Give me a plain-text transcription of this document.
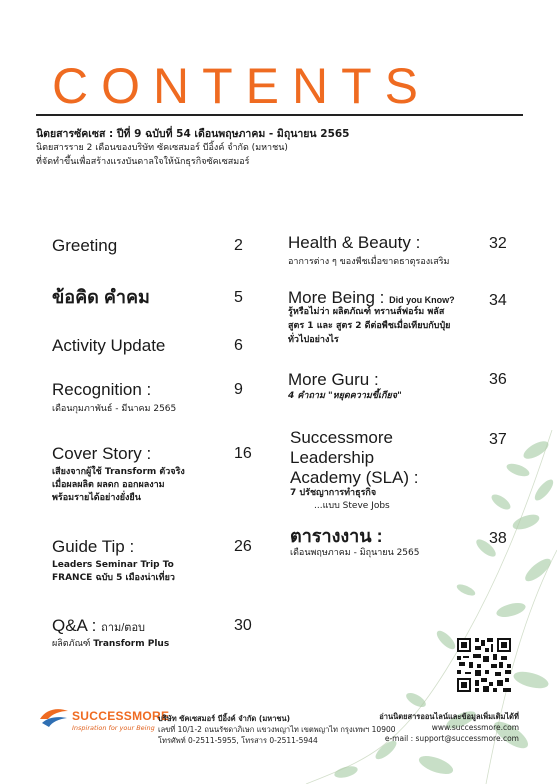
CONTENTS
นิตยสารซัคเซส : ปีที่ 9 ฉบับที่ 54 เดือนพฤษภาคม - มิถุนายน 2565
นิตยสารราย 2 เดือนของบริษัท ซัคเซสมอร์ บีอิ้งค์ จำกัด (มหาชน)
ที่จัดทำขึ้นเพื่อสร้างแรงบันดาลใจให้นักธุรกิจซัคเซสมอร์
Greeting	2
ข้อคิด คำคม	5
Activity Update	6
Recognition :	9
เดือนกุมภาพันธ์ - มีนาคม 2565
Cover Story :	16
เสียงจากผู้ใช้ Transform ตัวจริง
เมื่อผลผลิต ผลดก ออกผลงาม
พร้อมรายได้อย่างยั่งยืน
Guide Tip :	26
Leaders Seminar Trip To
FRANCE ฉบับ 5 เมืองน่าเที่ยว
Q&A : ถาม/ตอบ	30
ผลิตภัณฑ์ Transform Plus
Health & Beauty :	32
อาการต่าง ๆ ของพืชเมื่อขาดธาตุรองเสริม
More Being : Did you Know? 34
รู้หรือไม่ว่า ผลิตภัณฑ์ ทรานส์ฟอร์ม พลัส
สูตร 1 และ สูตร 2 ดีต่อพืชเมื่อเทียบกับปุ๋ย
ทั่วไปอย่างไร
More Guru :	36
4 คำถาม "หยุดความขี้เกียจ"
Successmore
Leadership
Academy (SLA) :
37
7 ปรัชญาการทำธุรกิจ
...แบบ Steve Jobs
ตารางงาน :	38
เดือนพฤษภาคม - มิถุนายน 2565
SUCCESSMORE
Inspiration for your Being
บริษัท ซัคเซสมอร์ บีอิ้งค์ จำกัด (มหาชน)
เลขที่ 10/1-2 ถนนรัชดาภิเษก แขวงพญาไท เขตพญาไท กรุงเทพฯ 10900
โทรศัพท์ 0-2511-5955, โทรสาร 0-2511-5944
อ่านนิตยสารออนไลน์และข้อมูลเพิ่มเติมได้ที่
www.successmore.com
e-mail : support@successmore.com
